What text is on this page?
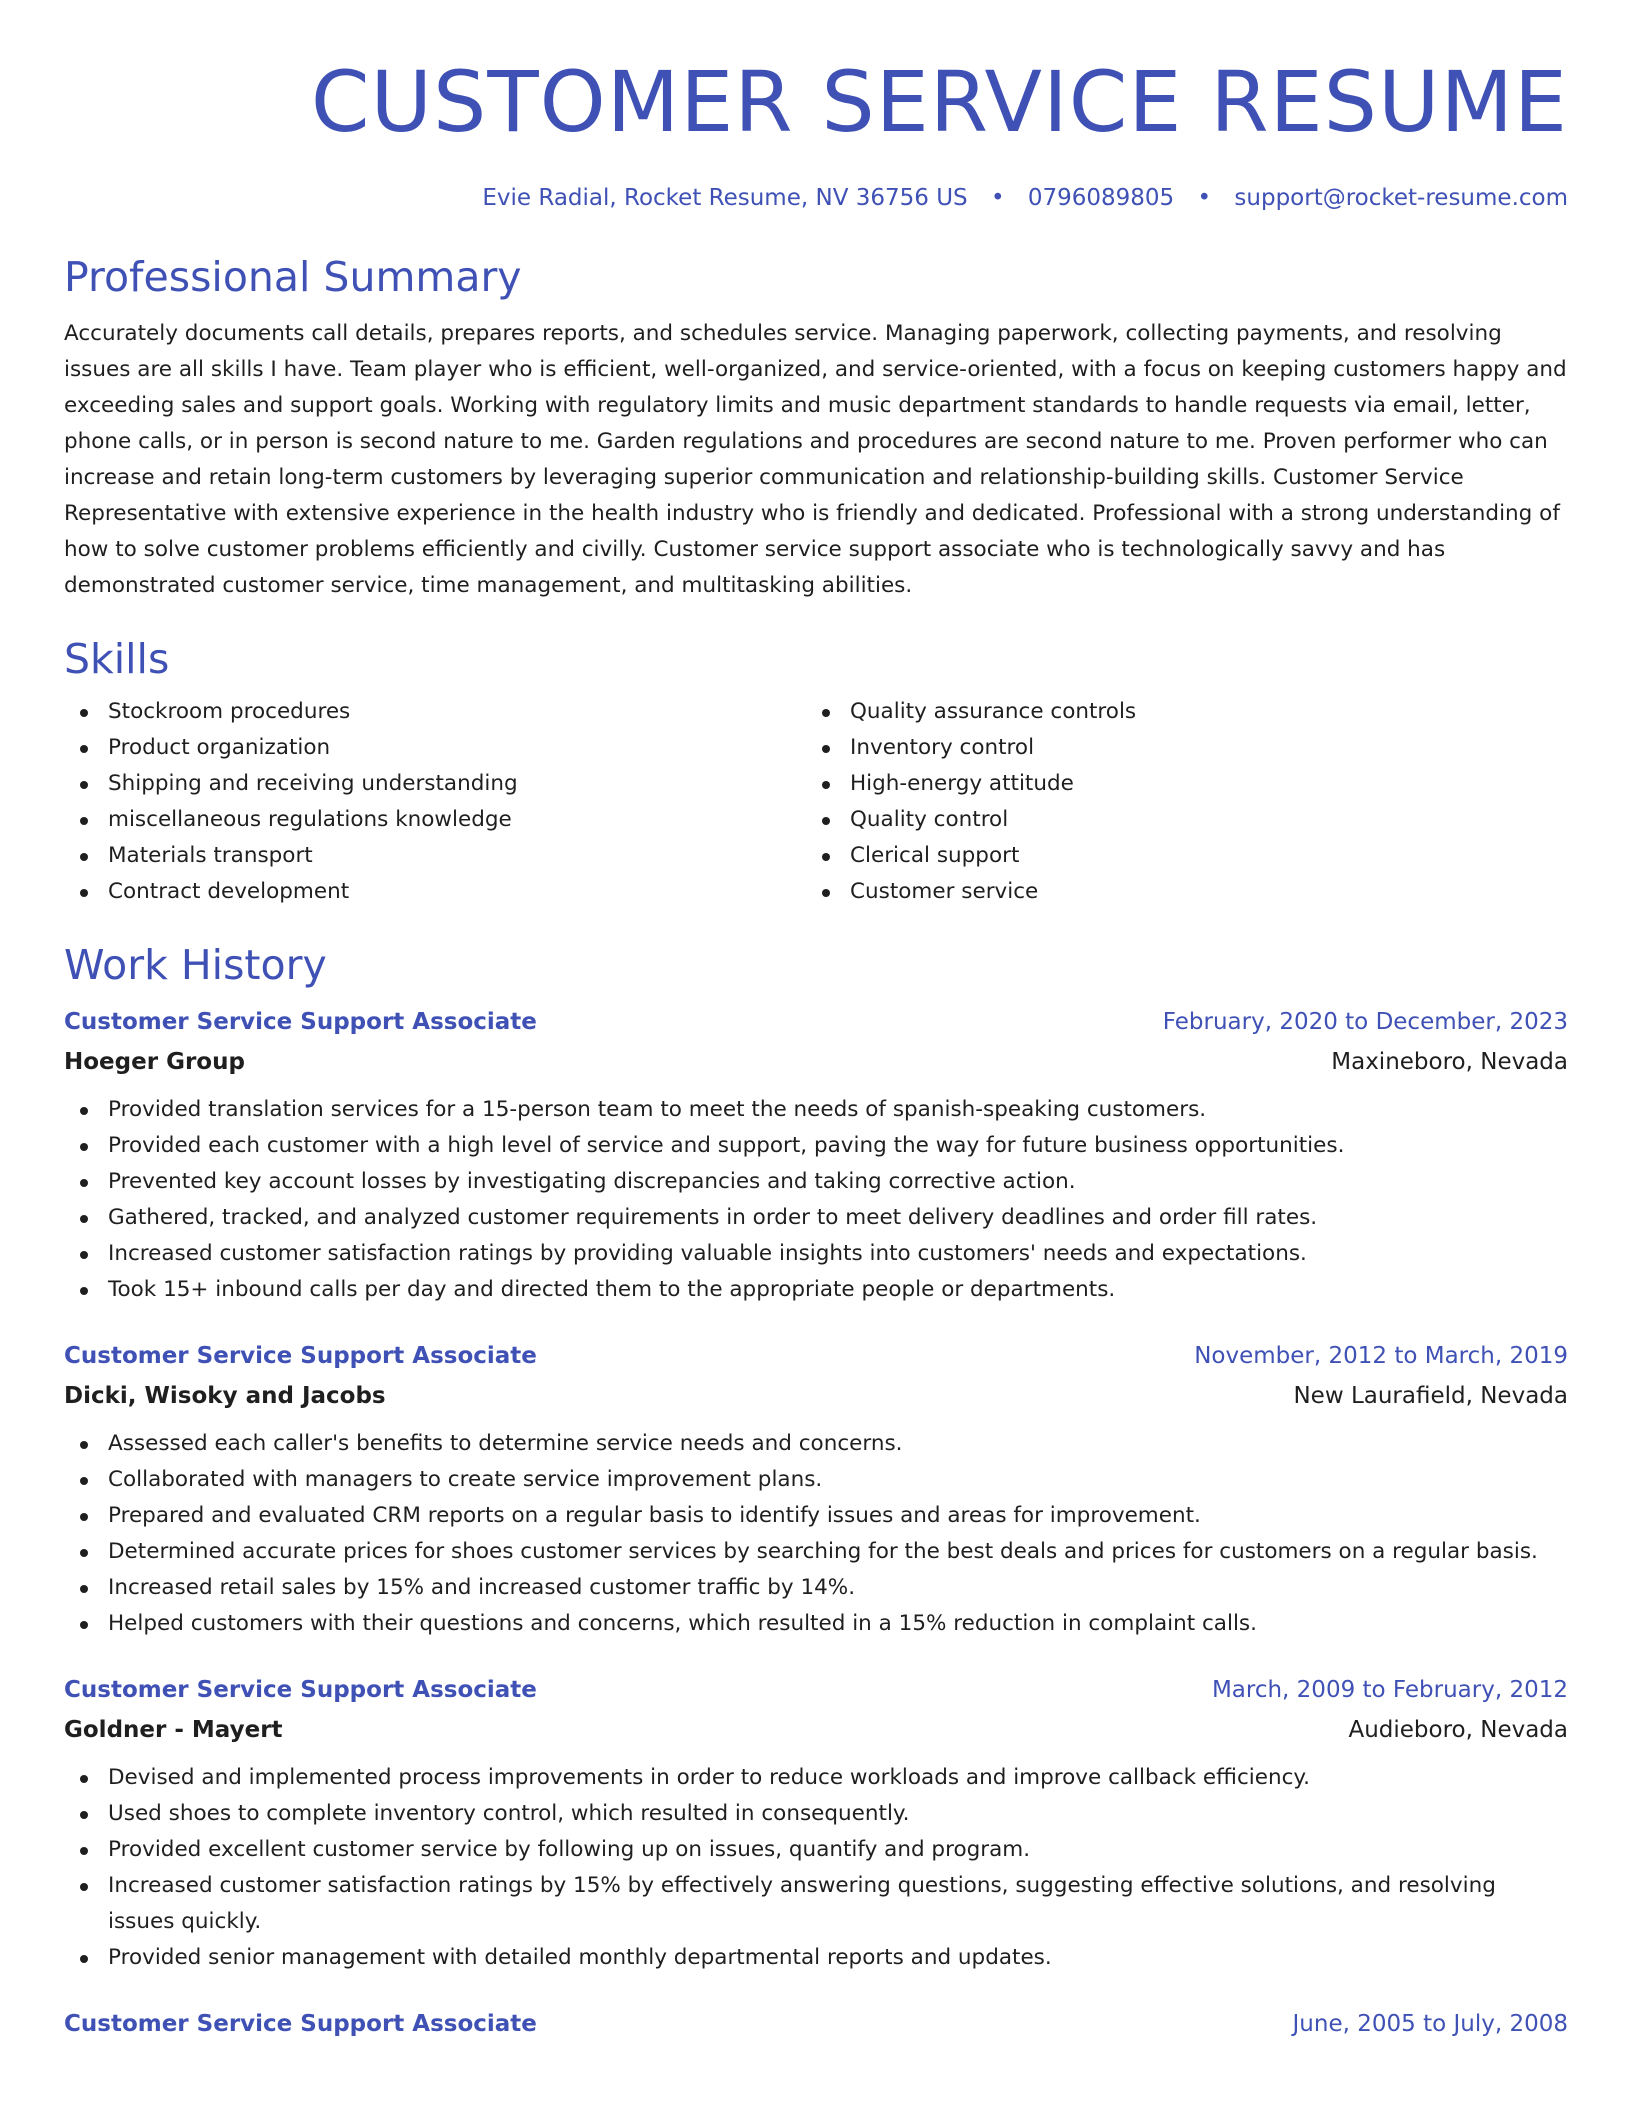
CUSTOMER SERVICE RESUME
Evie Radial, Rocket Resume, NV 36756 US • 0796089805 • support@rocket-resume.com
Professional Summary

Accurately documents call details, prepares reports, and schedules service. Managing paperwork, collecting payments, and resolving issues are all skills I have. Team player who is efficient, well-organized, and service-oriented, with a focus on keeping customers happy and exceeding sales and support goals. Working with regulatory limits and music department standards to handle requests via email, letter, phone calls, or in person is second nature to me. Garden regulations and procedures are second nature to me. Proven performer who can increase and retain long-term customers by leveraging superior communication and relationship-building skills. Customer Service Representative with extensive experience in the health industry who is friendly and dedicated. Professional with a strong understanding of how to solve customer problems efficiently and civilly. Customer service support associate who is technologically savvy and has demonstrated customer service, time management, and multitasking abilities.

Skills
Stockroom procedures
Product organization
Shipping and receiving understanding
miscellaneous regulations knowledge
Materials transport
Contract development
Quality assurance controls
Inventory control
High-energy attitude
Quality control
Clerical support
Customer service
Work History
Customer Service Support Associate	February, 2020 to December, 2023
Hoeger Group	Maxineboro, Nevada
Provided translation services for a 15-person team to meet the needs of spanish-speaking customers.
Provided each customer with a high level of service and support, paving the way for future business opportunities.
Prevented key account losses by investigating discrepancies and taking corrective action.
Gathered, tracked, and analyzed customer requirements in order to meet delivery deadlines and order fill rates.
Increased customer satisfaction ratings by providing valuable insights into customers' needs and expectations.
Took 15+ inbound calls per day and directed them to the appropriate people or departments.
Customer Service Support Associate	November, 2012 to March, 2019
Dicki, Wisoky and Jacobs	New Laurafield, Nevada
Assessed each caller's benefits to determine service needs and concerns.
Collaborated with managers to create service improvement plans.
Prepared and evaluated CRM reports on a regular basis to identify issues and areas for improvement.
Determined accurate prices for shoes customer services by searching for the best deals and prices for customers on a regular basis.
Increased retail sales by 15% and increased customer traffic by 14%.
Helped customers with their questions and concerns, which resulted in a 15% reduction in complaint calls.
Customer Service Support Associate	March, 2009 to February, 2012
Goldner - Mayert	Audieboro, Nevada
Devised and implemented process improvements in order to reduce workloads and improve callback efficiency.
Used shoes to complete inventory control, which resulted in consequently.
Provided excellent customer service by following up on issues, quantify and program.
Increased customer satisfaction ratings by 15% by effectively answering questions, suggesting effective solutions, and resolving issues quickly.
Provided senior management with detailed monthly departmental reports and updates.
Customer Service Support Associate	June, 2005 to July, 2008
